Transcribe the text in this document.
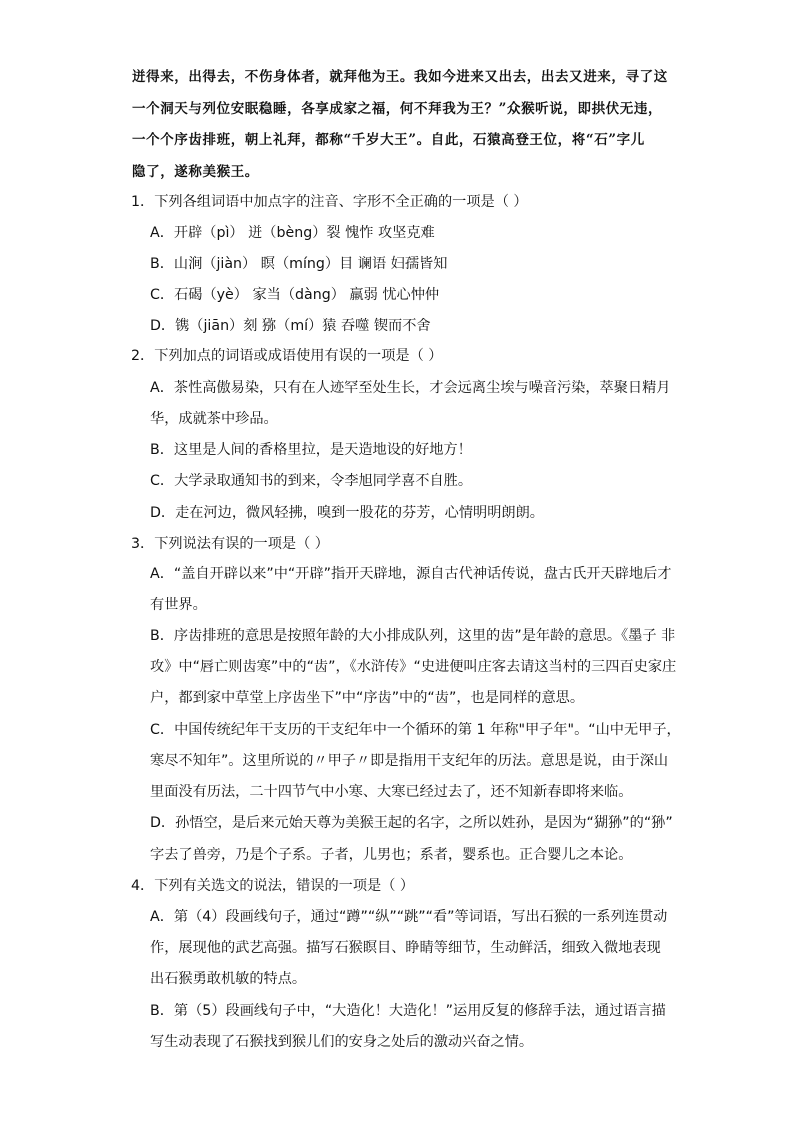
迸得来，出得去，不伤身体者，就拜他为王。我如今进来又出去，出去又进来，寻了这
一个洞天与列位安眠稳睡，各享成家之福，何不拜我为王？”众猴听说，即拱伏无违，
一个个序齿排班，朝上礼拜，都称“千岁大王”。自此，石猿高登王位，将“石”字儿
隐了，遂称美猴王。
1．下列各组词语中加点字的注音、字形不全正确的一项是（ ）
A．开辟（pì） 迸（bèng）裂 愧怍 攻坚克难
B．山涧（jiàn） 瞑（míng）目 谰语 妇孺皆知
C．石碣（yè） 家当（dàng） 羸弱 忧心忡仲
D．镌（jiān）刻 猕（mí）猿 吞噬 锲而不舍
2．下列加点的词语或成语使用有误的一项是（ ）
A．茶性高傲易染，只有在人迹罕至处生长，才会远离尘埃与噪音污染，萃聚日精月
华，成就茶中珍品。
B．这里是人间的香格里拉，是天造地设的好地方！
C．大学录取通知书的到来，令李旭同学喜不自胜。
D．走在河边，微风轻拂，嗅到一股花的芬芳，心情明明朗朗。
3．下列说法有误的一项是（ ）
A．“盖自开辟以来”中“开辟”指开天辟地，源自古代神话传说，盘古氏开天辟地后才
有世界。
B．序齿排班的意思是按照年龄的大小排成队列，这里的齿”是年龄的意思。《墨子 非
攻》中“唇亡则齿寒”中的“齿”，《水浒传》“史进便叫庄客去请这当村的三四百史家庄
户，都到家中草堂上序齿坐下”中“序齿”中的“齿”，也是同样的意思。
C．中国传统纪年干支历的干支纪年中一个循环的第 1 年称"甲子年"。“山中无甲子，
寒尽不知年”。这里所说的〃甲子〃即是指用干支纪年的历法。意思是说，由于深山
里面没有历法，二十四节气中小寒、大寒已经过去了，还不知新春即将来临。
D．孙悟空，是后来元始天尊为美猴王起的名字，之所以姓孙，是因为“猢狲”的“狲”
字去了兽旁，乃是个子系。子者，儿男也；系者，婴系也。正合婴儿之本论。
4．下列有关选文的说法，错误的一项是（ ）
A．第（4）段画线句子，通过“蹲”“纵”“跳”“看”等词语，写出石猴的一系列连贯动
作，展现他的武艺高强。描写石猴瞑目、睁睛等细节，生动鲜活，细致入微地表现
出石猴勇敢机敏的特点。
B．第（5）段画线句子中，“大造化！大造化！”运用反复的修辞手法，通过语言描
写生动表现了石猴找到猴儿们的安身之处后的激动兴奋之情。
